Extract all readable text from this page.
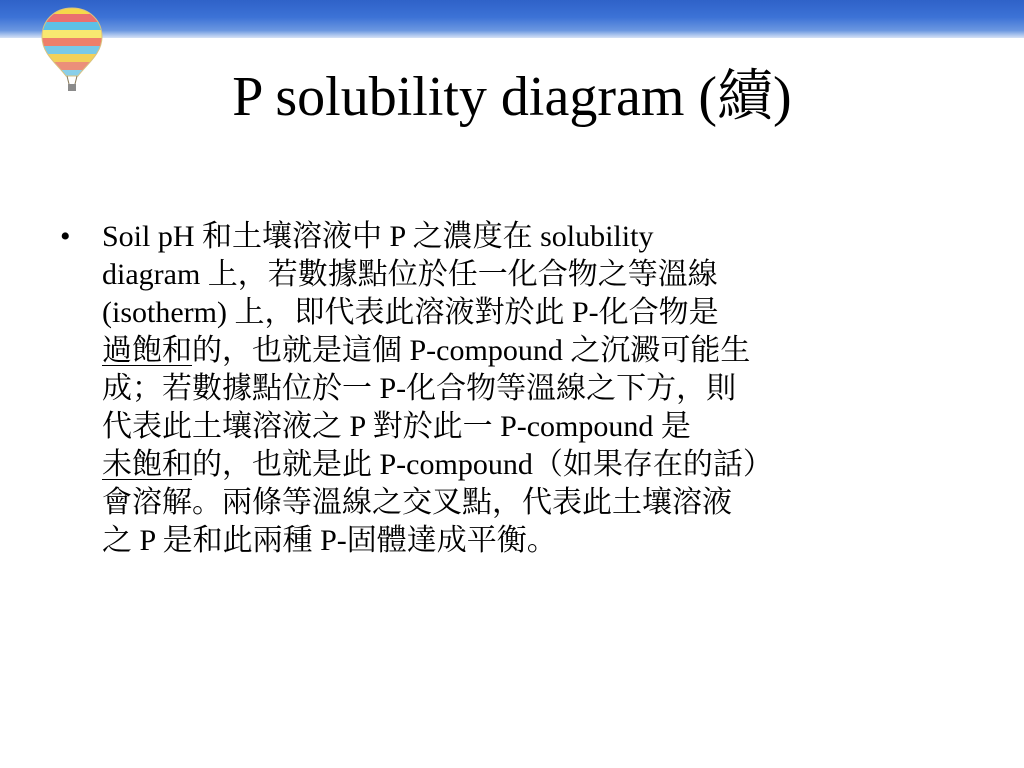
P solubility diagram (續)
•	Soil pH 和土壤溶液中 P 之濃度在 solubility
diagram 上，若數據點位於任一化合物之等溫線
(isotherm) 上，即代表此溶液對於此 P-化合物是
過飽和的，也就是這個 P-compound 之沉澱可能生
成；若數據點位於一 P-化合物等溫線之下方，則
代表此土壤溶液之 P 對於此一 P-compound 是
未飽和的，也就是此 P-compound（如果存在的話）
會溶解。兩條等溫線之交叉點，代表此土壤溶液
之 P 是和此兩種 P-固體達成平衡。
